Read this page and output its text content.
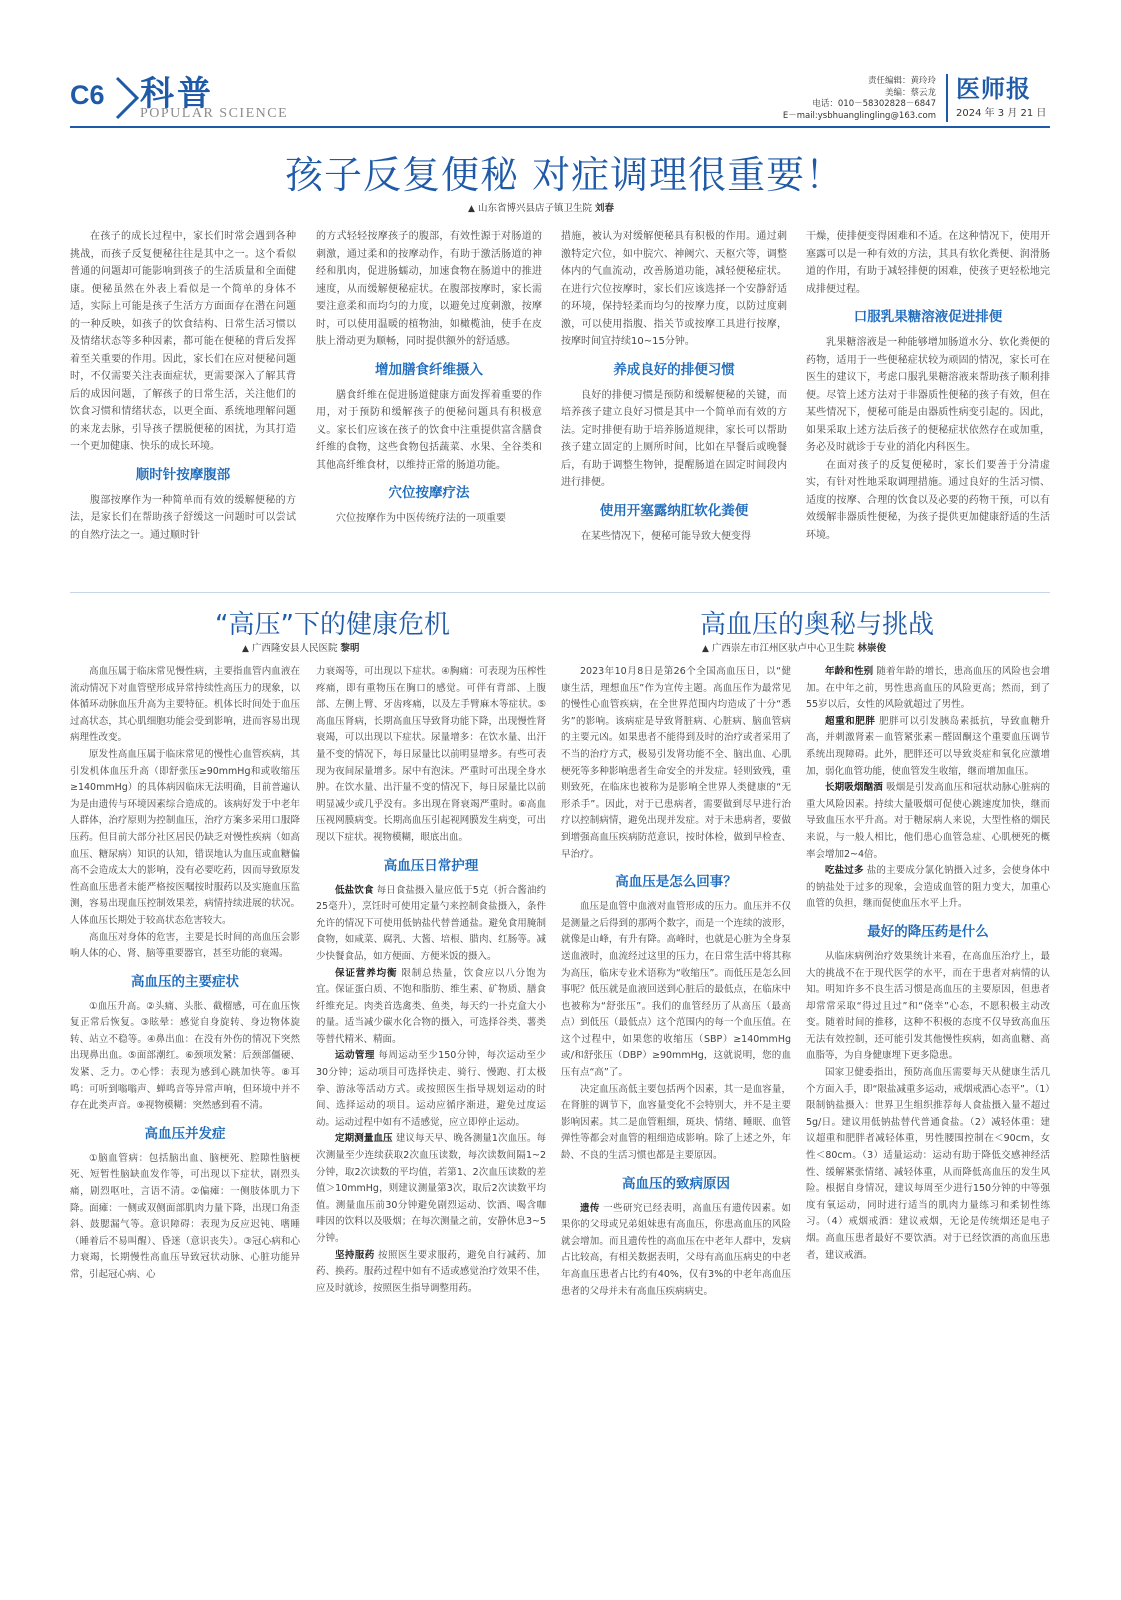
C6 科普
POPULAR SCIENCE
责任编辑：黄玲玲
美编：蔡云龙
电话：010－58302828－6847
E－mail:ysbhuanglingling@163.com
医师报
2024 年 3 月 21 日
孩子反复便秘 对症调理很重要！
▲ 山东省博兴县店子镇卫生院 刘春

在孩子的成长过程中，家长们时常会遇到各种挑战，而孩子反复便秘往往是其中之一。这个看似普通的问题却可能影响到孩子的生活质量和全面健康。便秘虽然在外表上看似是一个简单的身体不适，实际上可能是孩子生活方方面面存在潜在问题的一种反映，如孩子的饮食结构、日常生活习惯以及情绪状态等多种因素，都可能在便秘的背后发挥着至关重要的作用。因此，家长们在应对便秘问题时，不仅需要关注表面症状，更需要深入了解其背后的成因问题，了解孩子的日常生活，关注他们的饮食习惯和情绪状态，以更全面、系统地理解问题的来龙去脉，引导孩子摆脱便秘的困扰，为其打造一个更加健康、快乐的成长环境。

顺时针按摩腹部

腹部按摩作为一种简单而有效的缓解便秘的方法，是家长们在帮助孩子舒缓这一问题时可以尝试的自然疗法之一。通过顺时针

的方式轻轻按摩孩子的腹部，有效性源于对肠道的刺激，通过柔和的按摩动作，有助于激活肠道的神经和肌肉，促进肠蠕动，加速食物在肠道中的推进速度，从而缓解便秘症状。在腹部按摩时，家长需要注意柔和而均匀的力度，以避免过度刺激，按摩时，可以使用温暖的植物油，如橄榄油，使手在皮肤上滑动更为顺畅，同时提供额外的舒适感。

增加膳食纤维摄入

膳食纤维在促进肠道健康方面发挥着重要的作用，对于预防和缓解孩子的便秘问题具有积极意义。家长们应该在孩子的饮食中注重提供富含膳食纤维的食物，这些食物包括蔬菜、水果、全谷类和其他高纤维食材，以维持正常的肠道功能。

穴位按摩疗法

穴位按摩作为中医传统疗法的一项重要

措施，被认为对缓解便秘具有积极的作用。通过刺激特定穴位，如中脘穴、神阙穴、天枢穴等，调整体内的气血流动，改善肠道功能，减轻便秘症状。在进行穴位按摩时，家长们应该选择一个安静舒适的环境，保持轻柔而均匀的按摩力度，以防过度刺激，可以使用指腹、指关节或按摩工具进行按摩，按摩时间宜持续10~15分钟。

养成良好的排便习惯

良好的排便习惯是预防和缓解便秘的关键，而培养孩子建立良好习惯是其中一个简单而有效的方法。定时排便有助于培养肠道规律，家长可以帮助孩子建立固定的上厕所时间，比如在早餐后或晚餐后，有助于调整生物钟，提醒肠道在固定时间段内进行排便。

使用开塞露纳肛软化粪便

在某些情况下，便秘可能导致大便变得

干燥，使排便变得困难和不适。在这种情况下，使用开塞露可以是一种有效的方法，其具有软化粪便、润滑肠道的作用，有助于减轻排便的困难，使孩子更轻松地完成排便过程。

口服乳果糖溶液促进排便

乳果糖溶液是一种能够增加肠道水分、软化粪便的药物，适用于一些便秘症状较为顽固的情况，家长可在医生的建议下，考虑口服乳果糖溶液来帮助孩子顺利排便。尽管上述方法对于非器质性便秘的孩子有效，但在某些情况下，便秘可能是由器质性病变引起的。因此，如果采取上述方法后孩子的便秘症状依然存在或加重，务必及时就诊于专业的消化内科医生。

在面对孩子的反复便秘时，家长们要善于分清虚实，有针对性地采取调理措施。通过良好的生活习惯、适度的按摩、合理的饮食以及必要的药物干预，可以有效缓解非器质性便秘，为孩子提供更加健康舒适的生活环境。

“高压”下的健康危机
▲ 广西隆安县人民医院 黎明

高血压属于临床常见慢性病，主要指血管内血液在流动情况下对血管壁形成异常持续性高压力的现象，以体循环动脉血压升高为主要特征。机体长时间处于血压过高状态，其心肌细胞功能会受到影响，进而容易出现病理性改变。

原发性高血压属于临床常见的慢性心血管疾病，其引发机体血压升高（即舒张压≥90mmHg和或收缩压≥140mmHg）的具体病因临床无法明确，目前普遍认为是由遗传与环境因素综合造成的。该病好发于中老年人群体，治疗原则为控制血压，治疗方案多采用口服降压药。但目前大部分社区居民仍缺乏对慢性疾病（如高血压、糖尿病）知识的认知，错误地认为血压或血糖偏高不会造成太大的影响，没有必要吃药，因而导致原发性高血压患者未能严格按医嘱按时服药以及实施血压监测，容易出现血压控制效果差，病情持续进展的状况。人体血压长期处于较高状态危害较大。

高血压对身体的危害，主要是长时间的高血压会影响人体的心、肾、脑等重要器官，甚至功能的衰竭。

高血压的主要症状

①血压升高。②头痛、头胀、截榴感，可在血压恢复正常后恢复。③眩晕：感觉自身旋转、身边物体旋转、站立不稳等。④鼻出血：在没有外伤的情况下突然出现鼻出血。⑤面部潮红。⑥颈项发紧：后颈部僵硬、发紧、乏力。⑦心悸：表现为感到心跳加快等。⑧耳鸣：可听到嗡嗡声、蝉鸣音等异常声响，但环境中并不存在此类声音。⑨视物模糊：突然感到看不清。

高血压并发症

①脑血管病：包括脑出血、脑梗死、腔隙性脑梗死、短暂性脑缺血发作等，可出现以下症状，剧烈头痛，剧烈呕吐，言语不清。②偏瘫：一侧肢体肌力下降。面瘫：一侧或双侧面部肌肉力量下降，出现口角歪斜、鼓腮漏气等。意识障碍：表现为反应迟钝、嗜睡（睡着后不易叫醒）、昏迷（意识丧失）。③冠心病和心力衰竭，长期慢性高血压导致冠状动脉、心脏功能异常，引起冠心病、心

力衰竭等，可出现以下症状。④胸痛：可表现为压榨性疼痛，即有重物压在胸口的感觉。可伴有背部、上腹部、左侧上臂、牙齿疼痛，以及左手臂麻木等症状。⑤高血压肾病，长期高血压导致肾功能下降，出现慢性肾衰竭，可以出现以下症状。尿量增多：在饮水量、出汗量不变的情况下，每日尿量比以前明显增多。有些可表现为夜间尿量增多。尿中有泡沫。严重时可出现全身水肿。在饮水量、出汗量不变的情况下，每日尿量比以前明显减少或几乎没有。多出现在肾衰竭严重时。⑥高血压视网膜病变。长期高血压引起视网膜发生病变，可出现以下症状。视物模糊，眼底出血。

高血压日常护理

低盐饮食 每日食盐摄入量应低于5克（折合酱油约25毫升），烹饪时可使用定量勺来控制食盐摄入，条件允许的情况下可使用低钠盐代替普通盐。避免食用腌制食物，如咸菜、腐乳、大酱、培根、腊肉、红肠等。减少快餐食品，如方便面、方便米饭的摄入。

保证营养均衡 限制总热量，饮食应以八分饱为宜。保证蛋白质、不饱和脂肪、维生素、矿物质、膳食纤维充足。肉类首选禽类、鱼类，每天约一扑克盒大小的量。适当减少碳水化合物的摄入，可选择谷类、薯类等替代精米、精面。

运动管理 每周运动至少150分钟，每次运动至少30分钟；运动项目可选择快走、骑行、慢跑、打太极拳、游泳等活动方式。或按照医生指导规划运动的时间、选择运动的项目。运动应循序渐进，避免过度运动。运动过程中如有不适感觉，应立即停止运动。

定期测量血压 建议每天早、晚各测量1次血压。每次测量至少连续获取2次血压读数，每次读数间隔1~2分钟，取2次读数的平均值，若第1、2次血压读数的差值＞10mmHg，则建议测量第3次，取后2次读数平均值。测量血压前30分钟避免剧烈运动、饮酒、喝含咖啡因的饮料以及吸烟；在每次测量之前，安静休息3~5分钟。

坚持服药 按照医生要求服药，避免自行减药、加药、换药。服药过程中如有不适或感觉治疗效果不佳，应及时就诊，按照医生指导调整用药。

高血压的奥秘与挑战
▲ 广西崇左市江州区驮卢中心卫生院 林崇俊

2023年10月8日是第26个全国高血压日，以“健康生活，理想血压”作为宣传主题。高血压作为最常见的慢性心血管疾病，在全世界范围内均造成了十分“悉劣”的影响。该病症是导致肾脏病、心脏病、脑血管病的主要元凶。如果患者不能得到及时的治疗或者采用了不当的治疗方式，极易引发肾功能不全、脑出血、心肌梗死等多种影响患者生命安全的并发症。轻则致残，重则致死，在临床也被称为是影响全世界人类健康的“无形杀手”。因此，对于已患病者，需要做到尽早进行治疗以控制病情，避免出现并发症。对于未患病者，要做到增强高血压疾病防范意识，按时体检，做到早检查、早治疗。

高血压是怎么回事？

血压是血管中血液对血管形成的压力。血压并不仅是测量之后得到的那两个数字，而是一个连续的波形，就像是山峰，有升有降。高峰时，也就是心脏为全身泵送血液时，血流经过这里的压力，在日常生活中将其称为高压，临床专业术语称为“收缩压”。而低压是怎么回事呢？低压就是血液回送到心脏后的最低点，在临床中也被称为“舒张压”。我们的血管经历了从高压（最高点）到低压（最低点）这个范围内的每一个血压值。在这个过程中，如果您的收缩压（SBP）≥140mmHg或/和舒张压（DBP）≥90mmHg，这就说明，您的血压有点“高”了。

决定血压高低主要包括两个因素，其一是血容量，在肾脏的调节下，血容量变化不会特别大，并不是主要影响因素。其二是血管粗细，斑块、情绪、睡眠、血管弹性等都会对血管的粗细造成影响。除了上述之外，年龄、不良的生活习惯也都是主要原因。

高血压的致病原因

遗传 一些研究已经表明，高血压有遗传因素。如果你的父母或兄弟姐妹患有高血压，你患高血压的风险就会增加。而且遗传性的高血压在中老年人群中，发病占比较高，有相关数据表明，父母有高血压病史的中老年高血压患者占比约有40%，仅有3%的中老年高血压患者的父母并未有高血压疾病病史。

年龄和性别 随着年龄的增长，患高血压的风险也会增加。在中年之前，男性患高血压的风险更高；然而，到了55岁以后，女性的风险就超过了男性。

超重和肥胖 肥胖可以引发胰岛素抵抗，导致血糖升高，并刺激肾素－血管紧张素－醛固酮这个重要血压调节系统出现障碍。此外，肥胖还可以导致炎症和氧化应激增加，弱化血管功能，使血管发生收缩，继而增加血压。

长期吸烟酗酒 吸烟是引发高血压和冠状动脉心脏病的重大风险因素。持续大量吸烟可促使心跳速度加快，继而导致血压水平升高。对于糖尿病人来说，大型性格的烟民来说，与一般人相比，他们患心血管急症、心肌梗死的概率会增加2~4倍。

吃盐过多 盐的主要成分氯化钠摄入过多，会使身体中的钠盐处于过多的现象，会造成血管的阻力变大，加重心血管的负担，继而促使血压水平上升。

最好的降压药是什么

从临床病例治疗效果统计来看，在高血压治疗上，最大的挑战不在于现代医学的水平，而在于患者对病情的认知。明知许多不良生活习惯是高血压的主要原因，但患者却常常采取“得过且过”和“侥幸”心态，不愿积极主动改变。随着时间的推移，这种不积极的态度不仅导致高血压无法有效控制，还可能引发其他慢性疾病，如高血糖、高血脂等，为自身健康埋下更多隐患。

国家卫健委指出，预防高血压需要每天从健康生活几个方面入手，即“限盐减重多运动，戒烟戒酒心态平”。（1）限制钠盐摄入：世界卫生组织推荐每人食盐摄入量不超过5g/日。建议用低钠盐替代普通食盐。（2）减轻体重：建议超重和肥胖者减轻体重，男性腰围控制在＜90cm，女性＜80cm。（3）适量运动：运动有助于降低交感神经活性、缓解紧张情绪、减轻体重，从而降低高血压的发生风险。根据自身情况，建议每周至少进行150分钟的中等强度有氧运动，同时进行适当的肌肉力量练习和柔韧性练习。（4）戒烟戒酒：建议戒烟，无论是传统烟还是电子烟。高血压患者最好不要饮酒。对于已经饮酒的高血压患者，建议戒酒。
